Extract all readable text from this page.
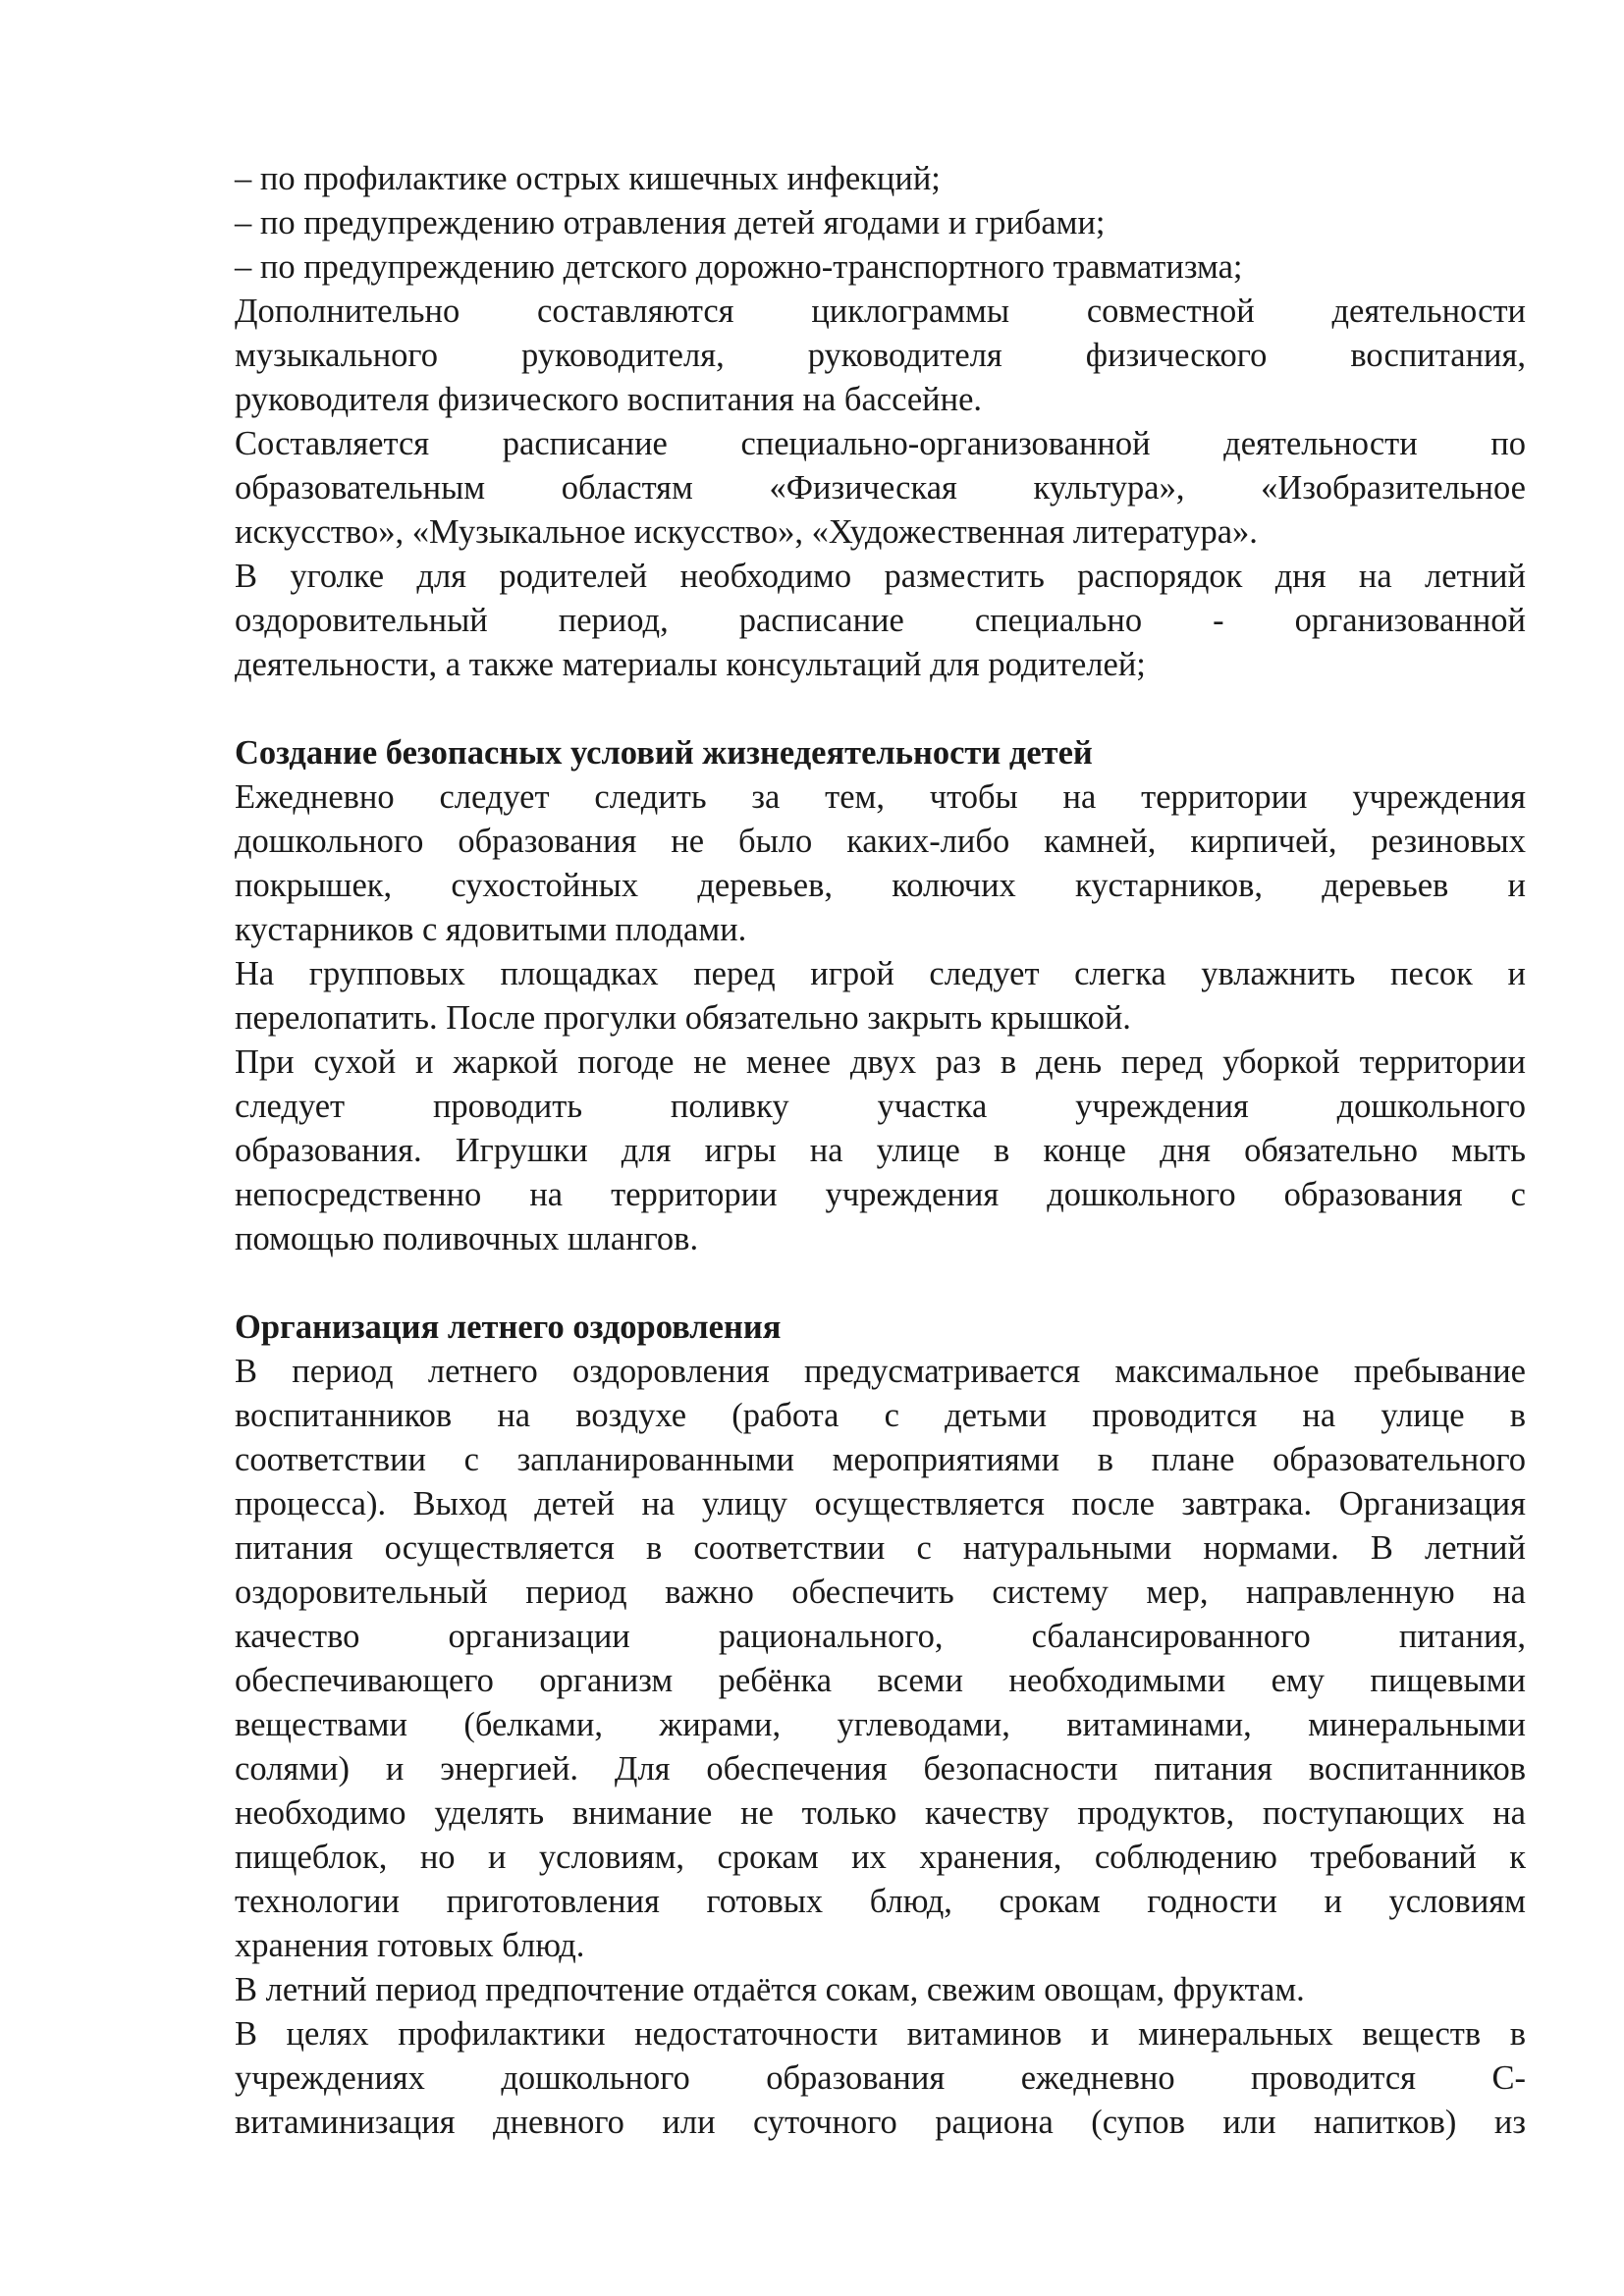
– по профилактике острых кишечных инфекций;
– по предупреждению отравления детей ягодами и грибами;
– по предупреждению детского дорожно-транспортного травматизма;
Дополнительно составляются циклограммы совместной деятельности
музыкального руководителя, руководителя физического воспитания,
руководителя физического воспитания на бассейне.
Составляется расписание специально-организованной деятельности по
образовательным областям «Физическая культура», «Изобразительное
искусство», «Музыкальное искусство», «Художественная литература».
В уголке для родителей необходимо разместить распорядок дня на летний
оздоровительный период, расписание специально - организованной
деятельности, а также материалы консультаций для родителей;
Создание безопасных условий жизнедеятельности детей
Ежедневно следует следить за тем, чтобы на территории учреждения
дошкольного образования не было каких-либо камней, кирпичей, резиновых
покрышек, сухостойных деревьев, колючих кустарников, деревьев и
кустарников с ядовитыми плодами.
На групповых площадках перед игрой следует слегка увлажнить песок и
перелопатить. После прогулки обязательно закрыть крышкой.
При сухой и жаркой погоде не менее двух раз в день перед уборкой территории
следует проводить поливку участка учреждения дошкольного
образования. Игрушки для игры на улице в конце дня обязательно мыть
непосредственно на территории учреждения дошкольного образования с
помощью поливочных шлангов.
Организация летнего оздоровления
В период летнего оздоровления предусматривается максимальное пребывание
воспитанников на воздухе (работа с детьми проводится на улице в
соответствии с запланированными мероприятиями в плане образовательного
процесса). Выход детей на улицу осуществляется после завтрака. Организация
питания осуществляется в соответствии с натуральными нормами. В летний
оздоровительный период важно обеспечить систему мер, направленную на
качество организации рационального, сбалансированного питания,
обеспечивающего организм ребёнка всеми необходимыми ему пищевыми
веществами (белками, жирами, углеводами, витаминами, минеральными
солями) и энергией. Для обеспечения безопасности питания воспитанников
необходимо уделять внимание не только качеству продуктов, поступающих на
пищеблок, но и условиям, срокам их хранения, соблюдению требований к
технологии приготовления готовых блюд, срокам годности и условиям
хранения готовых блюд.
В летний период предпочтение отдаётся сокам, свежим овощам, фруктам.
В целях профилактики недостаточности витаминов и минеральных веществ в
учреждениях дошкольного образования ежедневно проводится С-
витаминизация дневного или суточного рациона (супов или напитков) из
